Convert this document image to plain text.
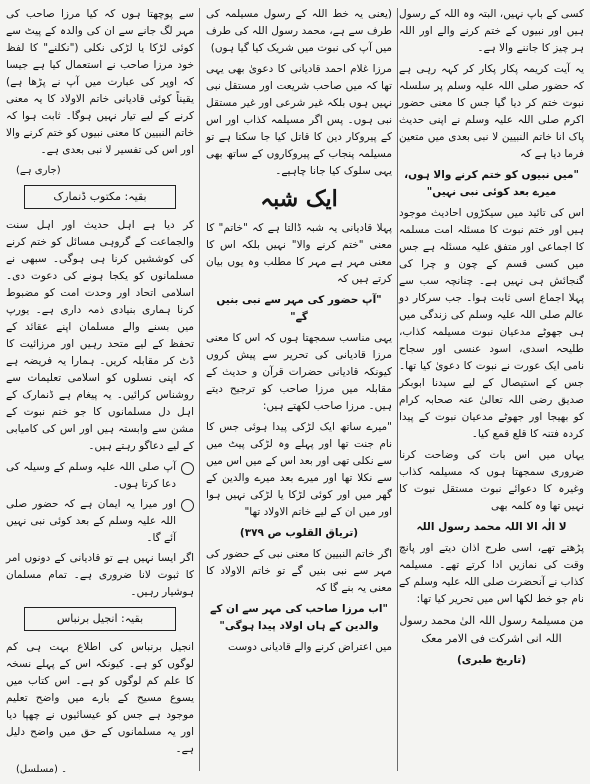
کسی کے باپ نہیں، البتہ وہ اللہ کے رسول ہیں اور نبیوں کے ختم کرنے والے اور اللہ ہر چیز کا جاننے والا ہے۔

یہ آیت کریمہ پکار پکار کر کہہ رہی ہے کہ حضور صلی اللہ علیہ وسلم پر سلسلہ نبوت ختم کر دیا گیا جس کا معنی حضور اکرم صلی اللہ علیہ وسلم نے اپنی حدیث پاک انا خاتم النبیین لا نبی بعدی میں متعین فرما دیا ہے کہ

"میں نبیوں کو ختم کرنے والا ہوں، میرے بعد کوئی نبی نہیں"

اس کی تائید میں سیکڑوں احادیث موجود ہیں اور ختم نبوت کا مسئلہ امت مسلمہ کا اجماعی اور متفق علیہ مسئلہ ہے جس میں کسی قسم کے چون و چرا کی گنجائش ہی نہیں ہے۔ چنانچہ سب سے پہلا اجماع اسی ثابت ہوا۔ جب سرکار دو عالم صلی اللہ علیہ وسلم کی زندگی میں ہی جھوٹے مدعیان نبوت مسیلمہ کذاب، طلیحہ اسدی، اسود عنسی اور سجاح نامی ایک عورت نے نبوت کا دعویٰ کیا تھا۔ جس کے استیصال کے لیے سیدنا ابوبکر صدیق رضی اللہ تعالیٰ عنہ صحابہ کرام کو بھیجا اور جھوٹے مدعیان نبوت کے پیدا کردہ فتنہ کا قلع قمع کیا۔

یہاں میں اس بات کی وضاحت کرنا ضروری سمجھتا ہوں کہ مسیلمہ کذاب وغیرہ کا دعوائے نبوت مستقل نبوت کا نہیں تھا وہ کلمہ بھی

لا الٰہ الا اللہ محمد رسول اللہ

پڑھتے تھے، اسی طرح اذان دیتے اور پانچ وقت کی نمازیں ادا کرتے تھے۔ مسیلمہ کذاب نے آنحضرت صلی اللہ علیہ وسلم کے نام جو خط لکھا اس میں تحریر کیا تھا:

من مسیلمۃ رسول اللہ الیٰ محمد رسول اللہ انی اشرکت فی الامر معک

(تاریخ طبری)

(یعنی یہ خط اللہ کے رسول مسیلمہ کی طرف سے ہے، محمد رسول اللہ کی طرف میں آپ کی نبوت میں شریک کیا گیا ہوں)

مرزا غلام احمد قادیانی کا دعویٰ بھی یہی تھا کہ میں صاحب شریعت اور مستقل نبی نہیں ہوں بلکہ غیر شرعی اور غیر مستقل نبی ہوں۔ پس اگر مسیلمہ کذاب اور اس کے پیروکار دین کا قاتل کیا جا سکتا ہے تو مسیلمہ پنجاب کے پیروکاروں کے ساتھ بھی یہی سلوک کیا جانا چاہیے۔

ایک شبہ

پہلا قادیانی یہ شبہ ڈالتا ہے کہ "خاتم" کا معنی "ختم کرنے والا" نہیں بلکہ اس کا معنی مہر ہے مہر کا مطلب وہ یوں بیان کرتے ہیں کہ

"آپ حضور کی مہر سے نبی بنیں گے"

یہی مناسب سمجھتا ہوں کہ اس کا معنی مرزا قادیانی کی تحریر سے پیش کروں کیونکہ قادیانی حضرات قرآن و حدیث کے مقابلہ میں مرزا صاحب کو ترجیح دیتے ہیں۔ مرزا صاحب لکھتے ہیں:

"میرے ساتھ ایک لڑکی پیدا ہوئی جس کا نام جنت تھا اور پہلے وہ لڑکی پیٹ میں سے نکلی تھی اور بعد اس کے میں اس میں سے نکلا تھا اور میرے بعد میرے والدین کے گھر میں اور کوئی لڑکا یا لڑکی نہیں ہوا اور میں ان کے لیے خاتم الاولاد تھا"

(تریاق القلوب ص ۳۷۹)

اگر خاتم النبیین کا معنی نبی کے حضور کی مہر سے نبی بنیں گے تو خاتم الاولاد کا معنی یہ بنے گا کہ

"اب مرزا صاحب کی مہر سے ان کے والدین کے ہاں اولاد پیدا ہوگی"

میں اعتراض کرنے والے قادیانی دوست

سے پوچھتا ہوں کہ کیا مرزا صاحب کی مہر لگ جانے سے ان کی والدہ کے پیٹ سے کوئی لڑکا یا لڑکی نکلی ("نکلنے" کا لفظ خود مرزا صاحب نے استعمال کیا ہے جیسا کہ اوپر کی عبارت میں آپ نے پڑھا ہے) یقیناً کوئی قادیانی خاتم الاولاد کا یہ معنی کرنے کے لیے تیار نہیں ہوگا۔ ثابت ہوا کہ خاتم النبیین کا معنی نبیوں کو ختم کرنے والا اور اس کی تفسیر لا نبی بعدی ہے۔

(جاری ہے)

بقیہ: مکتوب ڈنمارک

کر دیا ہے اہل حدیث اور اہل سنت والجماعت کے گروہی مسائل کو ختم کرنے کی کوششیں کرنا ہی ہوگی۔ سبھی نے مسلمانوں کو یکجا ہونے کی دعوت دی۔ اسلامی اتحاد اور وحدت امت کو مضبوط کرنا ہماری بنیادی ذمہ داری ہے۔ یورپ میں بسنے والے مسلمان اپنے عقائد کے تحفظ کے لیے متحد رہیں اور مرزائیت کا ڈٹ کر مقابلہ کریں۔ ہمارا یہ فریضہ ہے کہ اپنی نسلوں کو اسلامی تعلیمات سے روشناس کرائیں۔ یہ پیغام ہے ڈنمارک کے اہل دل مسلمانوں کا جو ختم نبوت کے مشن سے وابستہ ہیں اور اس کی کامیابی کے لیے دعاگو رہتے ہیں۔

آپ صلی اللہ علیہ وسلم کے وسیلہ کی دعا کرتا ہوں۔

اور میرا یہ ایمان ہے کہ حضور صلی اللہ علیہ وسلم کے بعد کوئی نبی نہیں آئے گا۔

اگر ایسا نہیں ہے تو قادیانی کے دونوں امر کا ثبوت لانا ضروری ہے۔ تمام مسلمان ہوشیار رہیں۔

بقیہ: انجیل برنباس

انجیل برنباس کی اطلاع بہت ہی کم لوگوں کو ہے۔ کیونکہ اس کے پہلے نسخہ کا علم کم لوگوں کو ہے۔ اس کتاب میں یسوع مسیح کے بارے میں واضح تعلیم موجود ہے جس کو عیسائیوں نے چھپا دیا اور یہ مسلمانوں کے حق میں واضح دلیل ہے۔

۔ (مسلسل)
